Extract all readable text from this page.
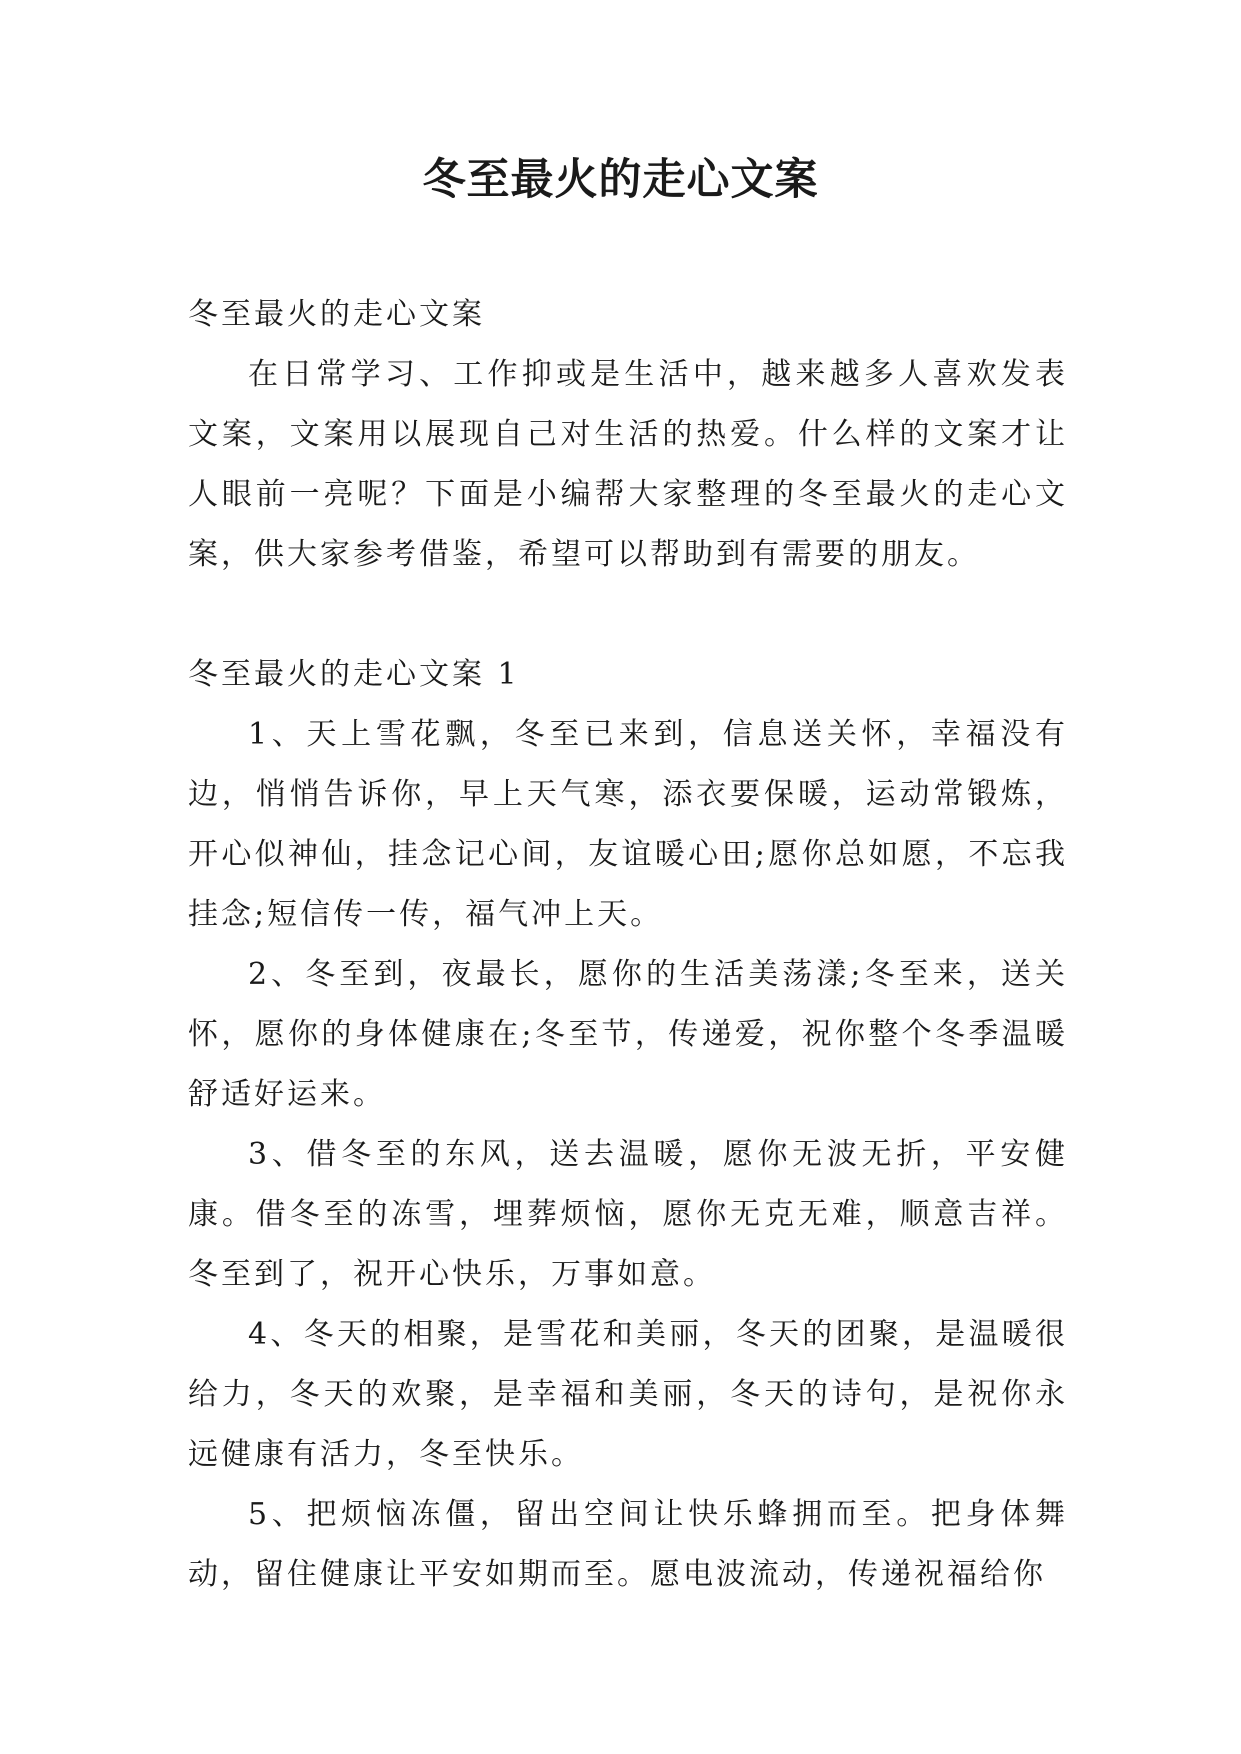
冬至最火的走心文案

冬至最火的走心文案

在日常学习、工作抑或是生活中，越来越多人喜欢发表文案，文案用以展现自己对生活的热爱。什么样的文案才让人眼前一亮呢？下面是小编帮大家整理的冬至最火的走心文案，供大家参考借鉴，希望可以帮助到有需要的朋友。

冬至最火的走心文案 1

1、天上雪花飘，冬至已来到，信息送关怀，幸福没有边，悄悄告诉你，早上天气寒，添衣要保暖，运动常锻炼，开心似神仙，挂念记心间，友谊暖心田;愿你总如愿，不忘我挂念;短信传一传，福气冲上天。

2、冬至到，夜最长，愿你的生活美荡漾;冬至来，送关怀，愿你的身体健康在;冬至节，传递爱，祝你整个冬季温暖舒适好运来。

3、借冬至的东风，送去温暖，愿你无波无折，平安健康。借冬至的冻雪，埋葬烦恼，愿你无克无难，顺意吉祥。冬至到了，祝开心快乐，万事如意。

4、冬天的相聚，是雪花和美丽，冬天的团聚，是温暖很给力，冬天的欢聚，是幸福和美丽，冬天的诗句，是祝你永远健康有活力，冬至快乐。

5、把烦恼冻僵，留出空间让快乐蜂拥而至。把身体舞动，留住健康让平安如期而至。愿电波流动，传递祝福给你
